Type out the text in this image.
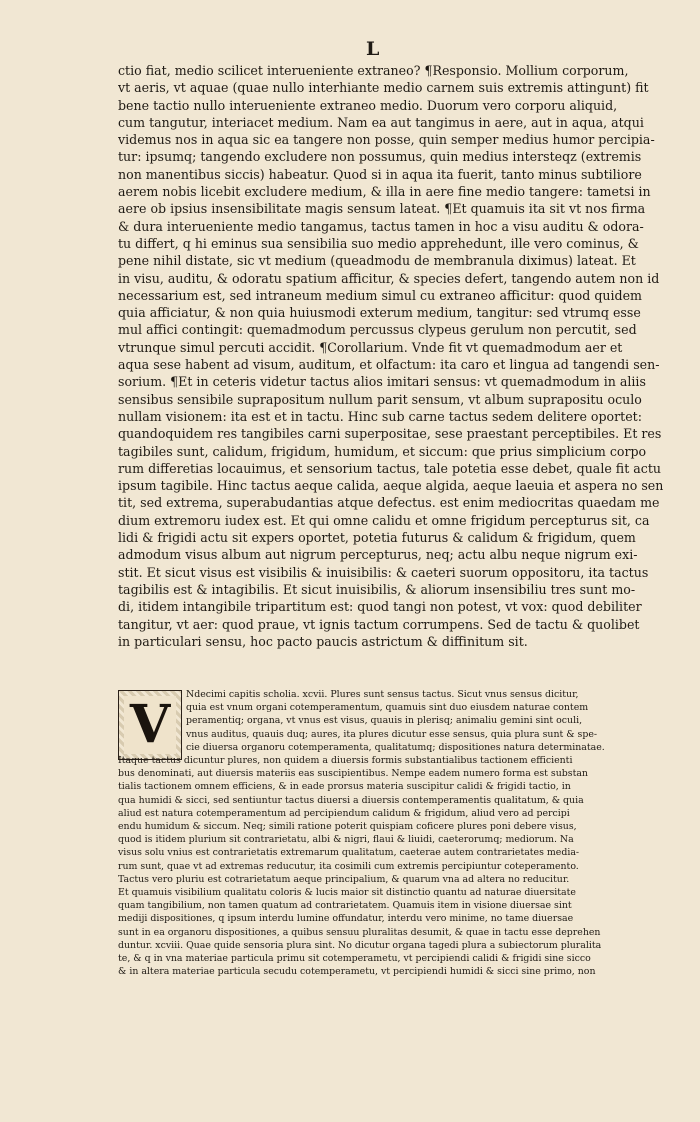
L
ctio fiat, medio scilicet interueniente extraneo? ¶Responsio. Mollium corporum,
vt aeris, vt aquae (quae nullo interhiante medio carnem suis extremis attingunt) fit
bene tactio nullo interueniente extraneo medio. Duorum vero corporu aliquid,
cum tangutur, interiacet medium. Nam ea aut tangimus in aere, aut in aqua, atqui
videmus nos in aqua sic ea tangere non posse, quin semper medius humor percipia-
tur: ipsumq; tangendo excludere non possumus, quin medius intersteqz (extremis
non manentibus siccis) habeatur. Quod si in aqua ita fuerit, tanto minus subtiliore
aerem nobis licebit excludere medium, & illa in aere fine medio tangere: tametsi in
aere ob ipsius insensibilitate magis sensum lateat. ¶Et quamuis ita sit vt nos firma
& dura interueniente medio tangamus, tactus tamen in hoc a visu auditu & odora-
tu differt, q hi eminus sua sensibilia suo medio apprehedunt, ille vero cominus, &
pene nihil distate, sic vt medium (queadmodu de membranula diximus) lateat. Et
in visu, auditu, & odoratu spatium afficitur, & species defert, tangendo autem non id
necessarium est, sed intraneum medium simul cu extraneo afficitur: quod quidem
quia afficiatur, & non quia huiusmodi exterum medium, tangitur: sed vtrumq esse
mul affici contingit: quemadmodum percussus clypeus gerulum non percutit, sed
vtrunque simul percuti accidit. ¶Corollarium. Vnde fit vt quemadmodum aer et
aqua sese habent ad visum, auditum, et olfactum: ita caro et lingua ad tangendi sen-
sorium. ¶Et in ceteris videtur tactus alios imitari sensus: vt quemadmodum in aliis
sensibus sensibile suprapositum nullum parit sensum, vt album suprapositu oculo
nullam visionem: ita est et in tactu. Hinc sub carne tactus sedem delitere oportet:
quandoquidem res tangibiles carni superpositae, sese praestant perceptibiles. Et res
tagibiles sunt, calidum, frigidum, humidum, et siccum: que prius simplicium corpo
rum differetias locauimus, et sensorium tactus, tale potetia esse debet, quale fit actu
ipsum tagibile. Hinc tactus aeque calida, aeque algida, aeque laeuia et aspera no sen
tit, sed extrema, superabudantias atque defectus. est enim mediocritas quaedam me
dium extremoru iudex est. Et qui omne calidu et omne frigidum percepturus sit, ca
lidi & frigidi actu sit expers oportet, potetia futurus & calidum & frigidum, quem
admodum visus album aut nigrum percepturus, neq; actu albu neque nigrum exi-
stit. Et sicut visus est visibilis & inuisibilis: & caeteri suorum oppositoru, ita tactus
tagibilis est & intagibilis. Et sicut inuisibilis, & aliorum insensibiliu tres sunt mo-
di, itidem intangibile tripartitum est: quod tangi non potest, vt vox: quod debiliter
tangitur, vt aer: quod praue, vt ignis tactum corrumpens. Sed de tactu & quolibet
in particulari sensu, hoc pacto paucis astrictum & diffinitum sit.
V	Ndecimi capitis scholia. xcvii. Plures sunt sensus tactus. Sicut vnus sensus dicitur,
quia est vnum organi cotemperamentum, quamuis sint duo eiusdem naturae contem
peramentiq; organa, vt vnus est visus, quauis in plerisq; animaliu gemini sint oculi,
vnus auditus, quauis duq; aures, ita plures dicutur esse sensus, quia plura sunt & spe-
cie diuersa organoru cotemperamenta, qualitatumq; dispositiones natura determinatae.
Itaque tactus dicuntur plures, non quidem a diuersis formis substantialibus tactionem efficienti
bus denominati, aut diuersis materiis eas suscipientibus. Nempe eadem numero forma est substan
tialis tactionem omnem efficiens, & in eade prorsus materia suscipitur calidi & frigidi tactio, in
qua humidi & sicci, sed sentiuntur tactus diuersi a diuersis contemperamentis qualitatum, & quia
aliud est natura cotemperamentum ad percipiendum calidum & frigidum, aliud vero ad percipi
endu humidum & siccum. Neq; simili ratione poterit quispiam coficere plures poni debere visus,
quod is itidem plurium sit contrarietatu, albi & nigri, flaui & liuidi, caeterorumq; mediorum. Na
visus solu vnius est contrarietatis extremarum qualitatum, caeterae autem contrarietates media-
rum sunt, quae vt ad extremas reducutur, ita cosimili cum extremis percipiuntur coteperamento.
Tactus vero pluriu est cotrarietatum aeque principalium, & quarum vna ad altera no reducitur.
Et quamuis visibilium qualitatu coloris & lucis maior sit distinctio quantu ad naturae diuersitate
quam tangibilium, non tamen quatum ad contrarietatem. Quamuis item in visione diuersae sint
mediji dispositiones, q ipsum interdu lumine offundatur, interdu vero minime, no tame diuersae
sunt in ea organoru dispositiones, a quibus sensuu pluralitas desumit, & quae in tactu esse deprehen
duntur. xcviii. Quae quide sensoria plura sint. No dicutur organa tagedi plura a subiectorum pluralita
te, & q in vna materiae particula primu sit cotemperametu, vt percipiendi calidi & frigidi sine sicco
& in altera materiae particula secudu cotemperametu, vt percipiendi humidi & sicci sine primo, non
